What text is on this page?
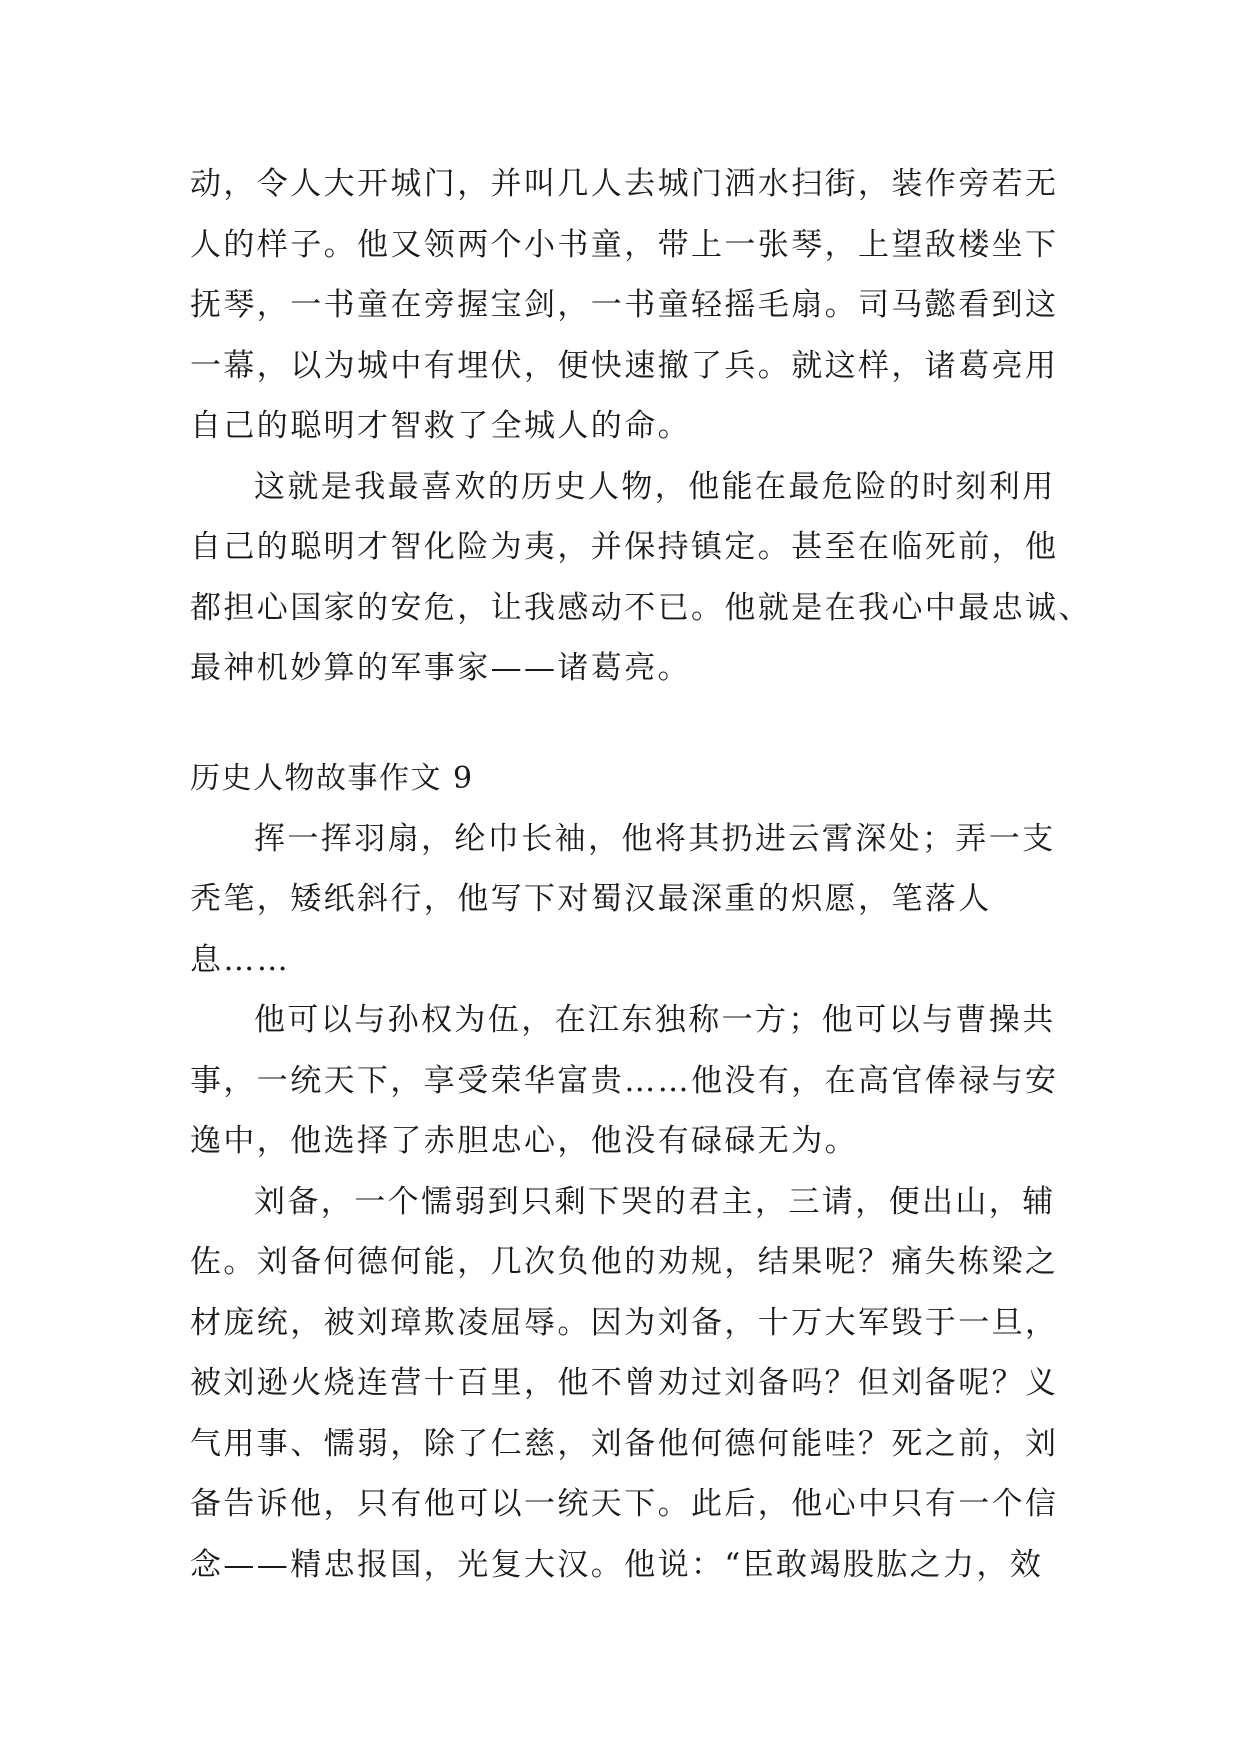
动，令人大开城门，并叫几人去城门洒水扫街，装作旁若无
人的样子。他又领两个小书童，带上一张琴，上望敌楼坐下
抚琴，一书童在旁握宝剑，一书童轻摇毛扇。司马懿看到这
一幕，以为城中有埋伏，便快速撤了兵。就这样，诸葛亮用
自己的聪明才智救了全城人的命。
这就是我最喜欢的历史人物，他能在最危险的时刻利用
自己的聪明才智化险为夷，并保持镇定。甚至在临死前，他
都担心国家的安危，让我感动不已。他就是在我心中最忠诚、
最神机妙算的军事家——诸葛亮。
历史人物故事作文 9
挥一挥羽扇，纶巾长袖，他将其扔进云霄深处；弄一支
秃笔，矮纸斜行，他写下对蜀汉最深重的炽愿，笔落人
息……
他可以与孙权为伍，在江东独称一方；他可以与曹操共
事，一统天下，享受荣华富贵……他没有，在高官俸禄与安
逸中，他选择了赤胆忠心，他没有碌碌无为。
刘备，一个懦弱到只剩下哭的君主，三请，便出山，辅
佐。刘备何德何能，几次负他的劝规，结果呢？痛失栋梁之
材庞统，被刘璋欺凌屈辱。因为刘备，十万大军毁于一旦，
被刘逊火烧连营十百里，他不曾劝过刘备吗？但刘备呢？义
气用事、懦弱，除了仁慈，刘备他何德何能哇？死之前，刘
备告诉他，只有他可以一统天下。此后，他心中只有一个信
念——精忠报国，光复大汉。他说：“臣敢竭股肱之力，效
